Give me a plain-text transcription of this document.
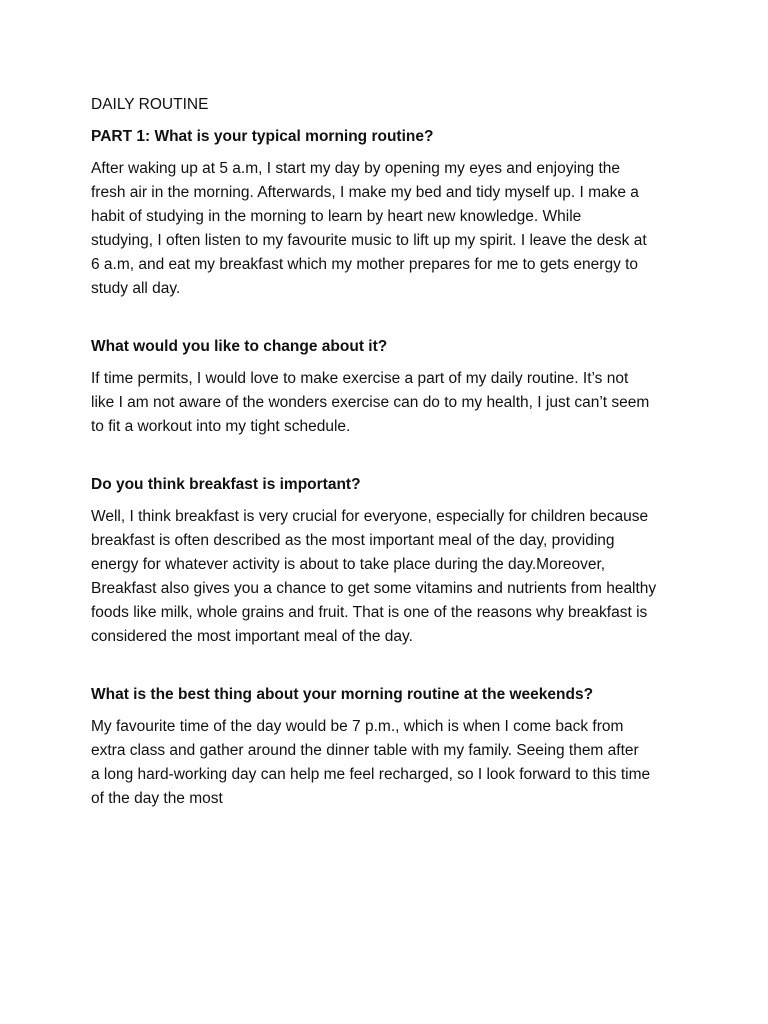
DAILY ROUTINE
PART 1: What is your typical morning routine?
After waking up at 5 a.m, I start my day by opening my eyes and enjoying the
fresh air in the morning. Afterwards, I make my bed and tidy myself up. I make a
habit of studying in the morning to learn by heart new knowledge. While
studying, I often listen to my favourite music to lift up my spirit. I leave the desk at
6 a.m, and eat my breakfast which my mother prepares for me to gets energy to
study all day.
What would you like to change about it?
If time permits, I would love to make exercise a part of my daily routine. It’s not
like I am not aware of the wonders exercise can do to my health, I just can’t seem
to fit a workout into my tight schedule.
Do you think breakfast is important?
Well, I think breakfast is very crucial for everyone, especially for children because
breakfast is often described as the most important meal of the day, providing
energy for whatever activity is about to take place during the day.Moreover,
Breakfast also gives you a chance to get some vitamins and nutrients from healthy
foods like milk, whole grains and fruit. That is one of the reasons why breakfast is
considered the most important meal of the day.
What is the best thing about your morning routine at the weekends?
My favourite time of the day would be 7 p.m., which is when I come back from
extra class and gather around the dinner table with my family. Seeing them after
a long hard-working day can help me feel recharged, so I look forward to this time
of the day the most
